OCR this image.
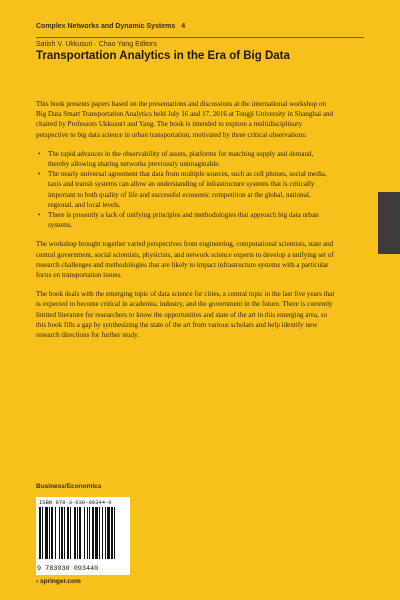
Complex Networks and Dynamic Systems 4
Satish V. Ukkusuri · Chao Yang Editors
Transportation Analytics in the Era of Big Data

This book presents papers based on the presentations and discussions at the international workshop on Big Data Smart Transportation Analytics held July 16 and 17, 2016 at Tongji University in Shanghai and chaired by Professors Ukkusuri and Yang. The book is intended to explore a multidisciplinary perspective to big data science in urban transportation, motivated by three critical observations:

• The rapid advances in the observability of assets, platforms for matching supply and demand, thereby allowing sharing networks previously unimaginable.
• The nearly universal agreement that data from multiple sources, such as cell phones, social media, taxis and transit systems can allow an understanding of infrastructure systems that is critically important to both quality of life and successful economic competition at the global, national, regional, and local levels.
• There is presently a lack of unifying principles and methodologies that approach big data urban systems.

The workshop brought together varied perspectives from engineering, computational scientists, state and central government, social scientists, physicists, and network science experts to develop a unifying set of research challenges and methodologies that are likely to impact infrastructure systems with a particular focus on transportation issues.

The book deals with the emerging topic of data science for cities, a central topic in the last five years that is expected to become critical in academia, industry, and the government in the future. There is currently limited literature for researchers to know the opportunities and state of the art in this emerging area, so this book fills a gap by synthesizing the state of the art from various scholars and help identify new research directions for further study.

Business/Economics
ISBN 978-3-030-09344-0
9 783030 093440
› springer.com
